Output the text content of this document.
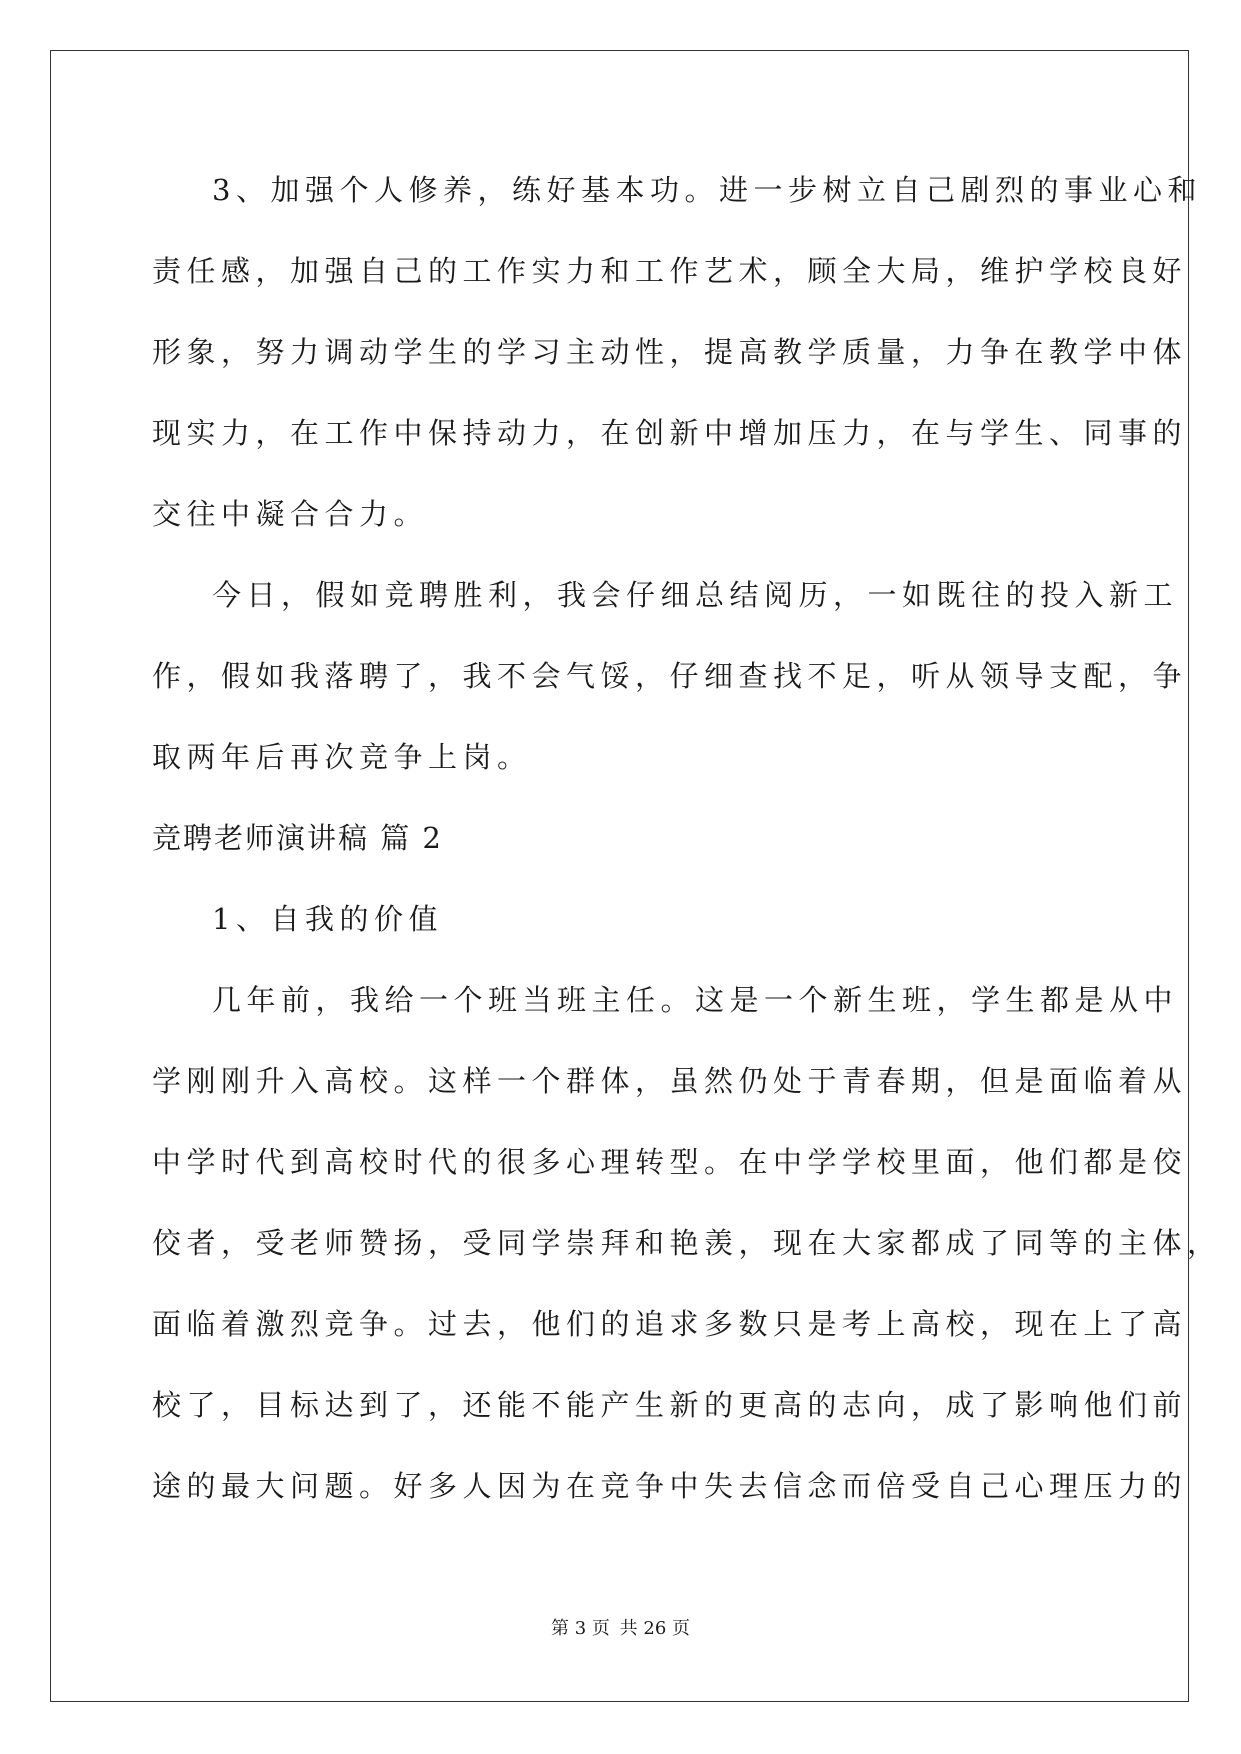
3、加强个人修养，练好基本功。进一步树立自己剧烈的事业心和

责任感，加强自己的工作实力和工作艺术，顾全大局，维护学校良好

形象，努力调动学生的学习主动性，提高教学质量，力争在教学中体

现实力，在工作中保持动力，在创新中增加压力，在与学生、同事的

交往中凝合合力。

今日，假如竞聘胜利，我会仔细总结阅历，一如既往的投入新工

作，假如我落聘了，我不会气馁，仔细查找不足，听从领导支配，争

取两年后再次竞争上岗。

竞聘老师演讲稿 篇 2

1、自我的价值

几年前，我给一个班当班主任。这是一个新生班，学生都是从中

学刚刚升入高校。这样一个群体，虽然仍处于青春期，但是面临着从

中学时代到高校时代的很多心理转型。在中学学校里面，他们都是佼

佼者，受老师赞扬，受同学崇拜和艳羡，现在大家都成了同等的主体，

面临着激烈竞争。过去，他们的追求多数只是考上高校，现在上了高

校了，目标达到了，还能不能产生新的更高的志向，成了影响他们前

途的最大问题。好多人因为在竞争中失去信念而倍受自己心理压力的

第 3 页 共 26 页
